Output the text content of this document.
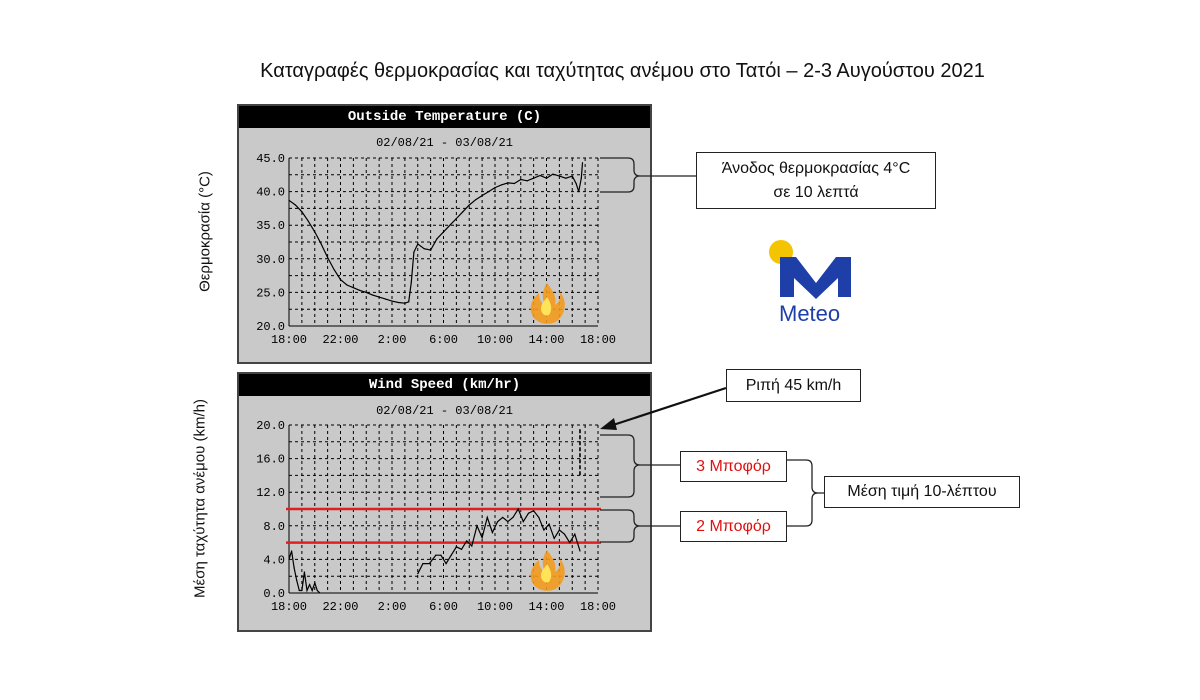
Καταγραφές θερμοκρασίας και ταχύτητας ανέμου στο Τατόι – 2-3 Αυγούστου 2021
Θερμοκρασία (°C)
Μέση ταχύτητα ανέμου (km/h)
Outside Temperature (C)
02/08/21 - 03/08/21
Wind Speed (km/hr)
02/08/21 - 03/08/21
45.0
40.0
35.0
30.0
25.0
20.0
18:00 22:00 2:00 6:00 10:00 14:00 18:00
20.0
16.0
12.0
8.0
4.0
0.0
18:00 22:00 2:00 6:00 10:00 14:00 18:00
Meteo
Άνοδος θερμοκρασίας 4°C
σε 10 λεπτά
Ριπή 45 km/h
3 Μποφόρ
2 Μποφόρ
Μέση τιμή 10-λέπτου
